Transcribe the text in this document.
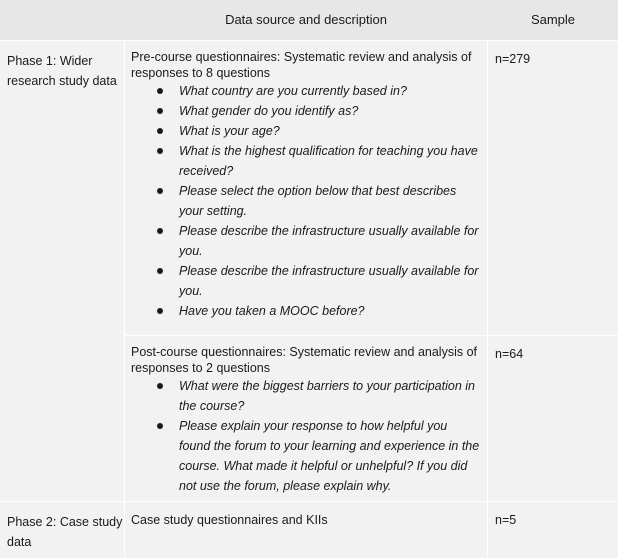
Data source and description	Sample
Phase 1: Wider research study data
Pre-course questionnaires: Systematic review and analysis of responses to 8 questions
What country are you currently based in?
What gender do you identify as?
What is your age?
What is the highest qualification for teaching you have received?
Please select the option below that best describes your setting.
Please describe the infrastructure usually available for you.
Please describe the infrastructure usually available for you.
Have you taken a MOOC before?
n=279
Post-course questionnaires: Systematic review and analysis of responses to 2 questions
What were the biggest barriers to your participation in the course?
Please explain your response to how helpful you found the forum to your learning and experience in the course. What made it helpful or unhelpful? If you did not use the forum, please explain why.
n=64
Phase 2: Case study data
Case study questionnaires and KIIs	n=5
